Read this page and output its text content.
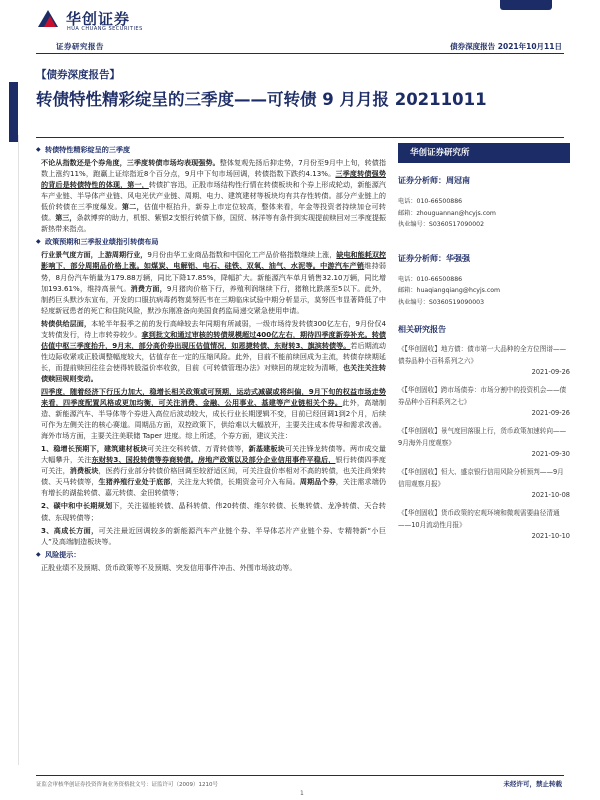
华创证券
HUA CHUANG SECURITIES
证券研究报告	债券深度报告 2021年10月11日
【债券深度报告】
转债特性精彩绽呈的三季度——可转债 9 月月报 20211011
◆ 转债特性精彩绽呈的三季度

不论从指数还是个券角度，三季度转债市场均表现强势。整体复观先扬后抑走势，7月份至9月中上旬，转债指数上涨约11%，跑赢上证综指近8个百分点，9月中下旬市场回调，转债指数下跌约4.13%。三季度转债强势的背后是转债特性的体现，第一，转债扩容迅，正股市场结构性行情在转债板块和个券上形成轮动，新能源汽车产业链、半导体产业链、风电光伏产业链、周期、电力、建筑建材等板块均有共存性转债。部分产业链上的低价转债在三季度爆发。第二，估值中枢抬升，新券上市定位较高，整体来看，年金等投资者持续加仓可转债。第三，条款博弈的助力，机银、紫银2支银行转债下修，国贸、林洋等有条件到实现提前赎回对三季度提振新热带来指点。

◆ 政策预期和三季报业绩指引转债布局

行业景气度方面，上游周期行业，9月份由华工业商品指数和中国化工产品价格指数继续上涨，缺电和能耗双控影响下，部分周期品价格上涨。如煤炭、电解铝、电石、硅铁、双氧、油气、水泥等。中游汽车产销维持弱势，8月份汽车销量为179.88万辆，同比下降17.85%，降幅扩大。新能源汽车单月销售32.10万辆，同比增加193.61%，维持高景气。消费方面，9月猪肉价格下行，养殖利润继续下行，猪粮比跌落至5以下。此外，制药巨头默沙东宣布，开发的口服抗病毒药物莫努匹韦在三期临床试验中期分析显示，莫努匹韦显著降低了中轻度新冠患者的死亡和住院风险，默沙东刚准备向美国食药监局递交紧急使用申请。

转债供给层面，本轮半年报季之前的发行高峰较去年同期有所减弱，一级市场待发转债300亿左右，9月份仅4支转债发行，待上市转券较少。拿到批文和通过审核的转债规模超过400亿左右，期待四季度新券补充。转债估值中枢三季度抬升，9月末，部分高价券出现压估值情况，如恩捷转债、东财转3、旗滨转债等。若后期流动性边际收紧或正股调整幅度较大，估值存在一定的压缩风险。此外，目前不能前续回成为主流，转债存续期延长，而提前赎回往往会使得转股溢价率收敛，目前《可转债管理办法》对赎回的规定较为清晰，也关注关注转债赎回规则变动。

四季度，随着经济下行压力加大，稳增长相关政策或可预期，运动式减碳或将纠偏，9月下旬的权益市场走势来看，四季度配置风格或更加均衡，可关注消费、金融、公用事业、基建等产业链相关个券。此外，高端制造、新能源汽车、半导体等个券进入高位后波动较大，成长行业长期逻辑不变，目前已经回调1到2个月，后续可作为左侧关注的核心赛道。周期品方面，双控政策下，供给难以大幅放开，主要关注成本传导和需求改善。海外市场方面，主要关注美联储 Taper 进度。综上所述，个券方面，建议关注：

1、稳增长预期下，建筑建材板块可关注交科转债、万青转债等，新基建板块可关注锋龙转债等。两市成交量大幅攀升，关注东财转3、国投转债等券商转债。房地产政策以及部分企业信用事件平稳后，银行转债四季度可关注，消费板块，医药行业部分转债价格回调至较舒适区间，可关注盘价率相对不高的转债，也关注尚荣转债、天马转债等，生猪养殖行业处于底部，关注龙大转债，长期资金可介入布局。周期品个券，关注需求端仍有增长的湖盐转债、嘉元转债、金田转债等；

2、碳中和中长期规划下，关注福能转债、晶科转债、伟20转债、维尔转债、长集转债、龙净转债、天合转债、东现转债等；

3、高成长方面，可关注最近回调较多的新能源汽车产业链个券、半导体芯片产业链个券、专精特新“小巨人”及高端制造板块等。

◆ 风险提示：

正股业绩不及预期、货币政策等不及预期、突发信用事件冲击、外围市场波动等。

华创证券研究所
证券分析师：周冠南
电话：010-66500886
邮箱：zhouguannan@hcyjs.com
执业编号：S0360517090002
证券分析师：华强强
电话：010-66500886
邮箱：huaqiangqiang@hcyjs.com
执业编号：S0360519090003
相关研究报告
《【华创固收】地方债：债市第一大品种的全方位图谱——债券品种小百科系列之六》
2021-09-26
《【华创固收】跨市场债券：市场分割中的投资机会——债券品种小百科系列之七》
2021-09-26
《【华创固收】景气度回落服上行，货币政策加速转向——9月海外月度观察》
2021-09-30
《【华创固收】恒大、盛京银行信用风险分析预判——9月信用观察月报》
2021-10-08
《【华创固收】货币政策的宏观环境和微观需要曲径清通——10月流动性月报》
2021-10-10
证监会审核华创证券投资咨询业务资格批文号：证监许可（2009）1210号	未经许可，禁止转载
1
